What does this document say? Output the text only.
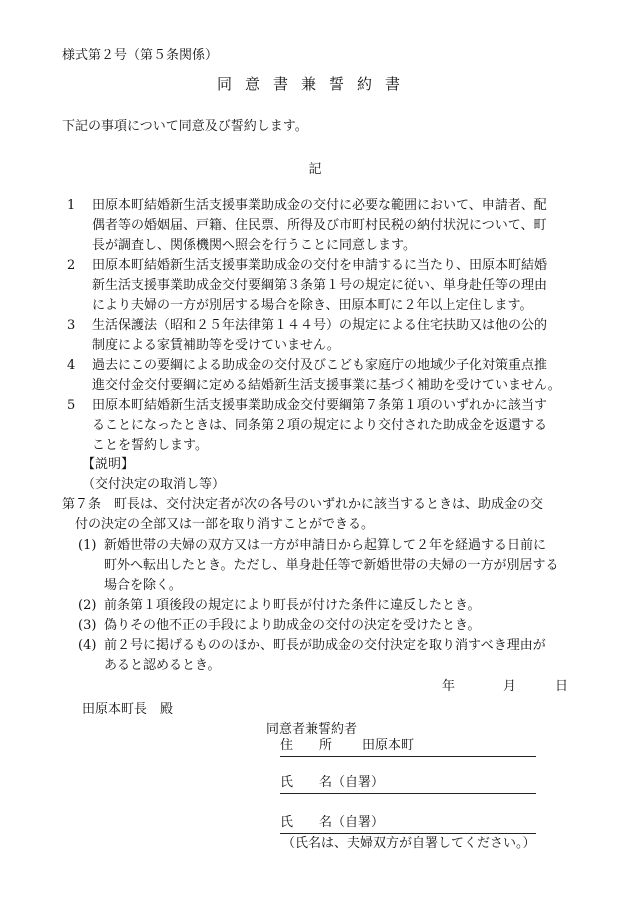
様式第２号（第５条関係）
同意書兼誓約書
下記の事項について同意及び誓約します。
記
1 田原本町結婚新生活支援事業助成金の交付に必要な範囲において、申請者、配
偶者等の婚姻届、戸籍、住民票、所得及び市町村民税の納付状況について、町
長が調査し、関係機関へ照会を行うことに同意します。
2 田原本町結婚新生活支援事業助成金の交付を申請するに当たり、田原本町結婚
新生活支援事業助成金交付要綱第３条第１号の規定に従い、単身赴任等の理由
により夫婦の一方が別居する場合を除き、田原本町に２年以上定住します。
3 生活保護法（昭和２５年法律第１４４号）の規定による住宅扶助又は他の公的
制度による家賃補助等を受けていません。
4 過去にこの要綱による助成金の交付及びこども家庭庁の地域少子化対策重点推
進交付金交付要綱に定める結婚新生活支援事業に基づく補助を受けていません。
5 田原本町結婚新生活支援事業助成金交付要綱第７条第１項のいずれかに該当す
ることになったときは、同条第２項の規定により交付された助成金を返還する
ことを誓約します。
【説明】
（交付決定の取消し等）
第７条　町長は、交付決定者が次の各号のいずれかに該当するときは、助成金の交
　付の決定の全部又は一部を取り消すことができる。
(1) 新婚世帯の夫婦の双方又は一方が申請日から起算して２年を経過する日前に
町外へ転出したとき。ただし、単身赴任等で新婚世帯の夫婦の一方が別居する
場合を除く。
(2) 前条第１項後段の規定により町長が付けた条件に違反したとき。
(3) 偽りその他不正の手段により助成金の交付の決定を受けたとき。
(4) 前２号に掲げるもののほか、町長が助成金の交付決定を取り消すべき理由が
あると認めるとき。
年	月	日
田原本町長　殿
同意者兼誓約者
住　　所 田原本町
氏　　名（自署）
氏　　名（自署）
（氏名は、夫婦双方が自署してください。）
